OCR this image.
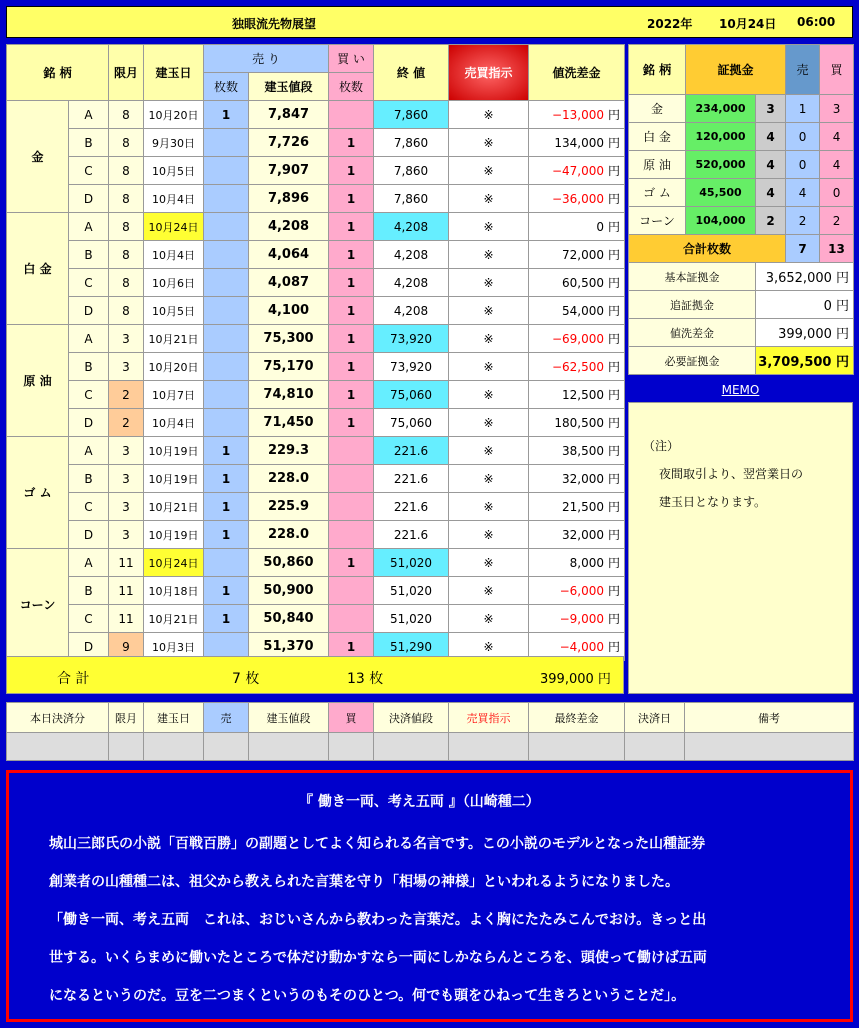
独眼流先物展望	2022年 10月24日 06:00
銘 柄		限月	建玉日	売 り		買 い	終 値	売買指示	値洗差金
				枚数	建玉値段	枚数			
金	A	8	10月20日	1	7,847		7,860	※	−13,000 円
	B	8	9月30日		7,726	1	7,860	※	134,000 円
	C	8	10月5日		7,907	1	7,860	※	−47,000 円
	D	8	10月4日		7,896	1	7,860	※	−36,000 円
白 金	A	8	10月24日		4,208	1	4,208	※	0 円
	B	8	10月4日		4,064	1	4,208	※	72,000 円
	C	8	10月6日		4,087	1	4,208	※	60,500 円
	D	8	10月5日		4,100	1	4,208	※	54,000 円
原 油	A	3	10月21日		75,300	1	73,920	※	−69,000 円
	B	3	10月20日		75,170	1	73,920	※	−62,500 円
	C	2	10月7日		74,810	1	75,060	※	12,500 円
	D	2	10月4日		71,450	1	75,060	※	180,500 円
ゴ ム	A	3	10月19日	1	229.3		221.6	※	38,500 円
	B	3	10月19日	1	228.0		221.6	※	32,000 円
	C	3	10月21日	1	225.9		221.6	※	21,500 円
	D	3	10月19日	1	228.0		221.6	※	32,000 円
コーン	A	11	10月24日		50,860	1	51,020	※	8,000 円
	B	11	10月18日	1	50,900		51,020	※	−6,000 円
	C	11	10月21日	1	50,840		51,020	※	−9,000 円
	D	9	10月3日		51,370	1	51,290	※	−4,000 円
合 計	7 枚	13 枚	399,000 円
銘 柄	証拠金		売	買
金	234,000	3	1	3
白 金	120,000	4	0	4
原 油	520,000	4	0	4
ゴ ム	45,500	4	4	0
コーン	104,000	2	2	2
合計枚数			7	13
基本証拠金		3,652,000 円		
追証拠金		0 円		
値洗差金		399,000 円		
必要証拠金		3,709,500 円		
MEMO
（注）
夜間取引より、翌営業日の
建玉日となります。
本日決済分	限月	建玉日	売	建玉値段	買	決済値段	売買指示	最終差金	決済日	備考

『 働き一両、考え五両 』（山崎種二）
城山三郎氏の小説「百戦百勝」の副題としてよく知られる名言です。この小説のモデルとなった山種証券
創業者の山種種二は、祖父から教えられた言葉を守り「相場の神様」といわれるようになりました。
「働き一両、考え五両　これは、おじいさんから教わった言葉だ。よく胸にたたみこんでおけ。きっと出
世する。いくらまめに働いたところで体だけ動かすなら一両にしかならんところを、頭使って働けば五両
になるというのだ。豆を二つまくというのもそのひとつ。何でも頭をひねって生きろということだ」。
